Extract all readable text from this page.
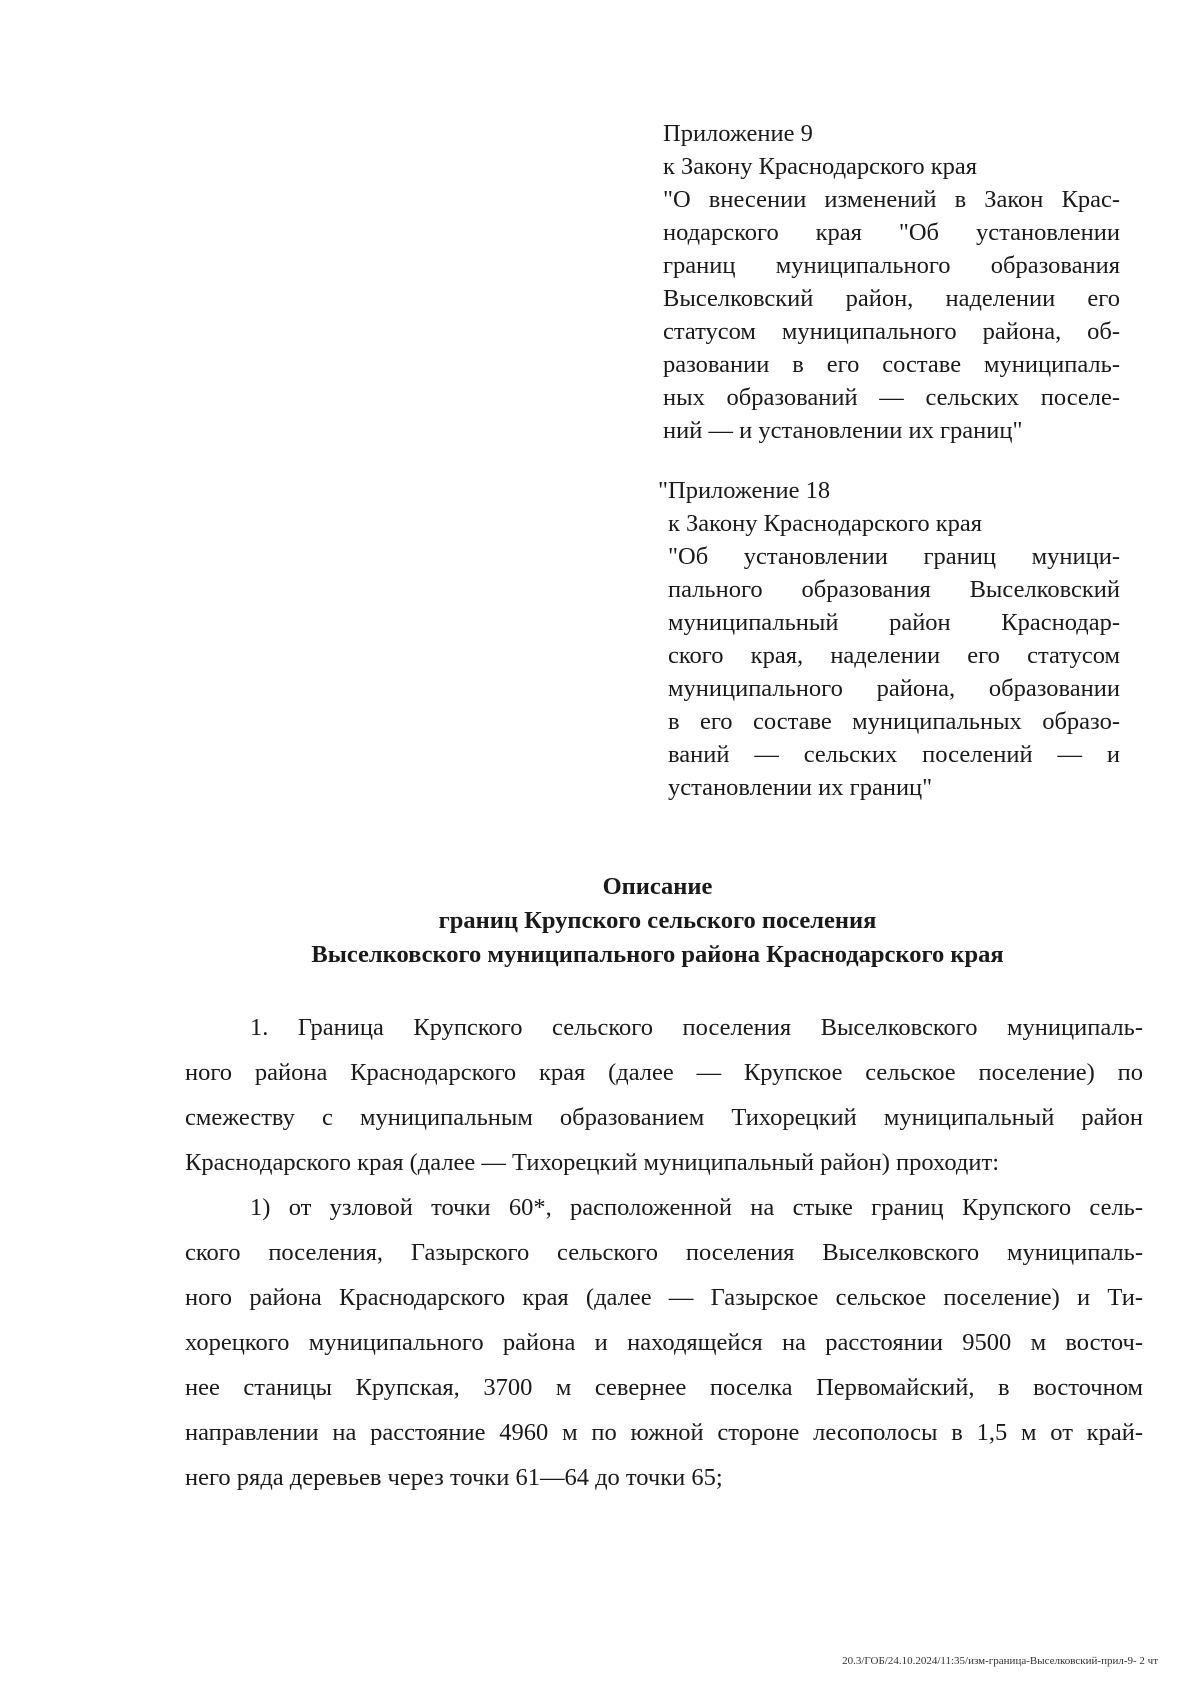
Приложение 9
к Закону Краснодарского края
"О внесении изменений в Закон Крас-
нодарского края "Об установлении
границ муниципального образования
Выселковский район, наделении его
статусом муниципального района, об-
разовании в его составе муниципаль-
ных образований — сельских поселе-
ний — и установлении их границ"
"Приложение 18
к Закону Краснодарского края
"Об установлении границ муници-
пального образования Выселковский
муниципальный район Краснодар-
ского края, наделении его статусом
муниципального района, образовании
в его составе муниципальных образо-
ваний — сельских поселений — и
установлении их границ"
Описание
границ Крупского сельского поселения
Выселковского муниципального района Краснодарского края
1. Граница Крупского сельского поселения Выселковского муниципаль-
ного района Краснодарского края (далее — Крупское сельское поселение) по
смежеству с муниципальным образованием Тихорецкий муниципальный район
Краснодарского края (далее — Тихорецкий муниципальный район) проходит:
1) от узловой точки 60*, расположенной на стыке границ Крупского сель-
ского поселения, Газырского сельского поселения Выселковского муниципаль-
ного района Краснодарского края (далее — Газырское сельское поселение) и Ти-
хорецкого муниципального района и находящейся на расстоянии 9500 м восточ-
нее станицы Крупская, 3700 м севернее поселка Первомайский, в восточном
направлении на расстояние 4960 м по южной стороне лесополосы в 1,5 м от край-
него ряда деревьев через точки 61—64 до точки 65;
20.3/ГОБ/24.10.2024/11:35/изм-граница-Выселковский-прил-9- 2 чт
